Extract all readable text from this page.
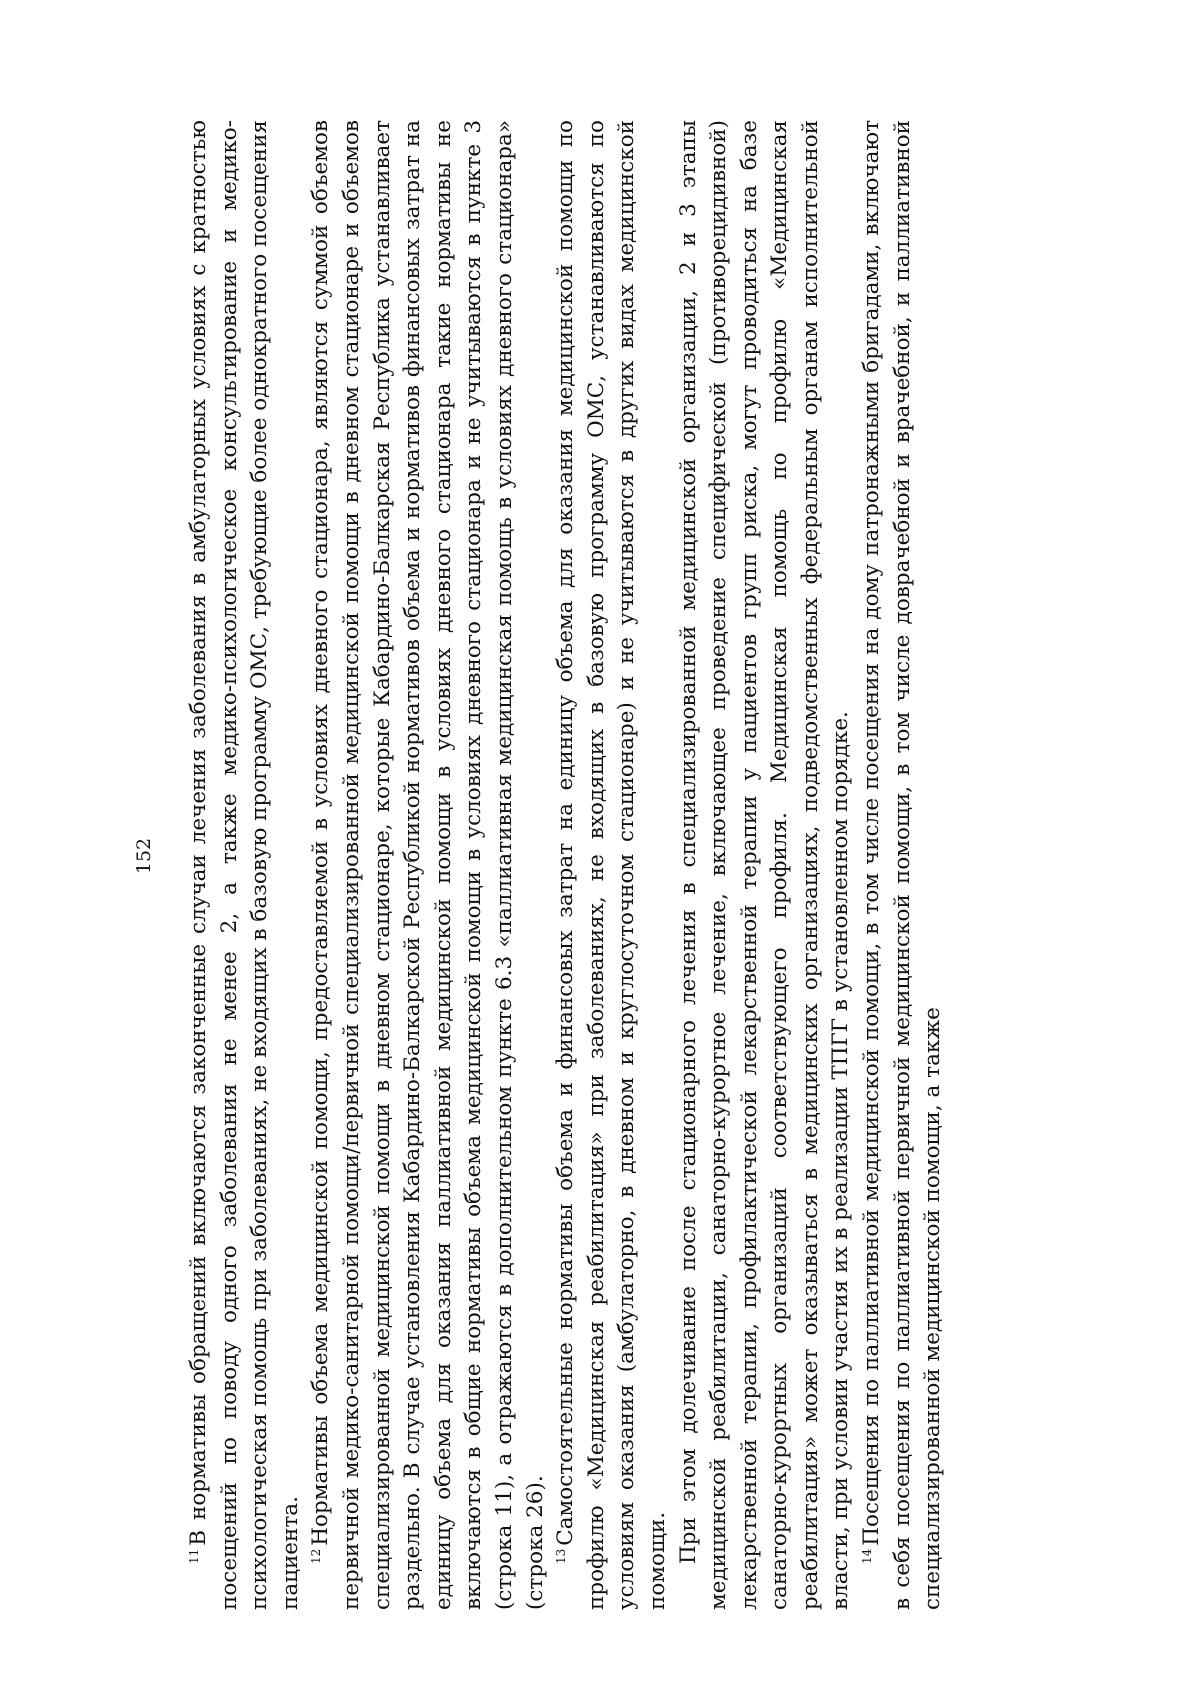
152

$^{11}$В нормативы обращений включаются законченные случаи лечения заболевания в амбулаторных условиях с кратностью посещений по поводу одного заболевания не менее 2, а также медико-психологическое консультирование и медико-психологическая помощь при заболеваниях, не входящих в базовую программу ОМС, требующие более однократного посещения пациента. $^{12}$Нормативы объема медицинской помощи, предоставляемой в условиях дневного стационара, являются суммой объемов первичной медико-санитарной помощи/первичной специализированной медицинской помощи в дневном стационаре и объемов специализированной медицинской помощи в дневном стационаре, которые Кабардино-Балкарская Республика устанавливает раздельно. В случае установления Кабардино-Балкарской Республикой нормативов объема и нормативов финансовых затрат на единицу объема для оказания паллиативной медицинской помощи в условиях дневного стационара такие нормативы не включаются в общие нормативы объема медицинской помощи в условиях дневного стационара и не учитываются в пункте 3 (строка 11), а отражаются в дополнительном пункте 6.3 «паллиативная медицинская помощь в условиях дневного стационара» (строка 26). $^{13}$Самостоятельные нормативы объема и финансовых затрат на единицу объема для оказания медицинской помощи по профилю «Медицинская реабилитация» при заболеваниях, не входящих в базовую программу ОМС, устанавливаются по условиям оказания (амбулаторно, в дневном и круглосуточном стационаре) и не учитываются в других видах медицинской помощи. При этом долечивание после стационарного лечения в специализированной медицинской организации, 2 и 3 этапы медицинской реабилитации, санаторно-курортное лечение, включающее проведение специфической (противорецидивной) лекарственной терапии, профилактической лекарственной терапии у пациентов групп риска, могут проводиться на базе санаторно-курортных организаций соответствующего профиля. Медицинская помощь по профилю «Медицинская реабилитация» может оказываться в медицинских организациях, подведомственных федеральным органам исполнительной власти, при условии участия их в реализации ТПГГ в установленном порядке. $^{14}$Посещения по паллиативной медицинской помощи, в том числе посещения на дому патронажными бригадами, включают в себя посещения по паллиативной первичной медицинской помощи, в том числе доврачебной и врачебной, и паллиативной специализированной медицинской помощи, а также
